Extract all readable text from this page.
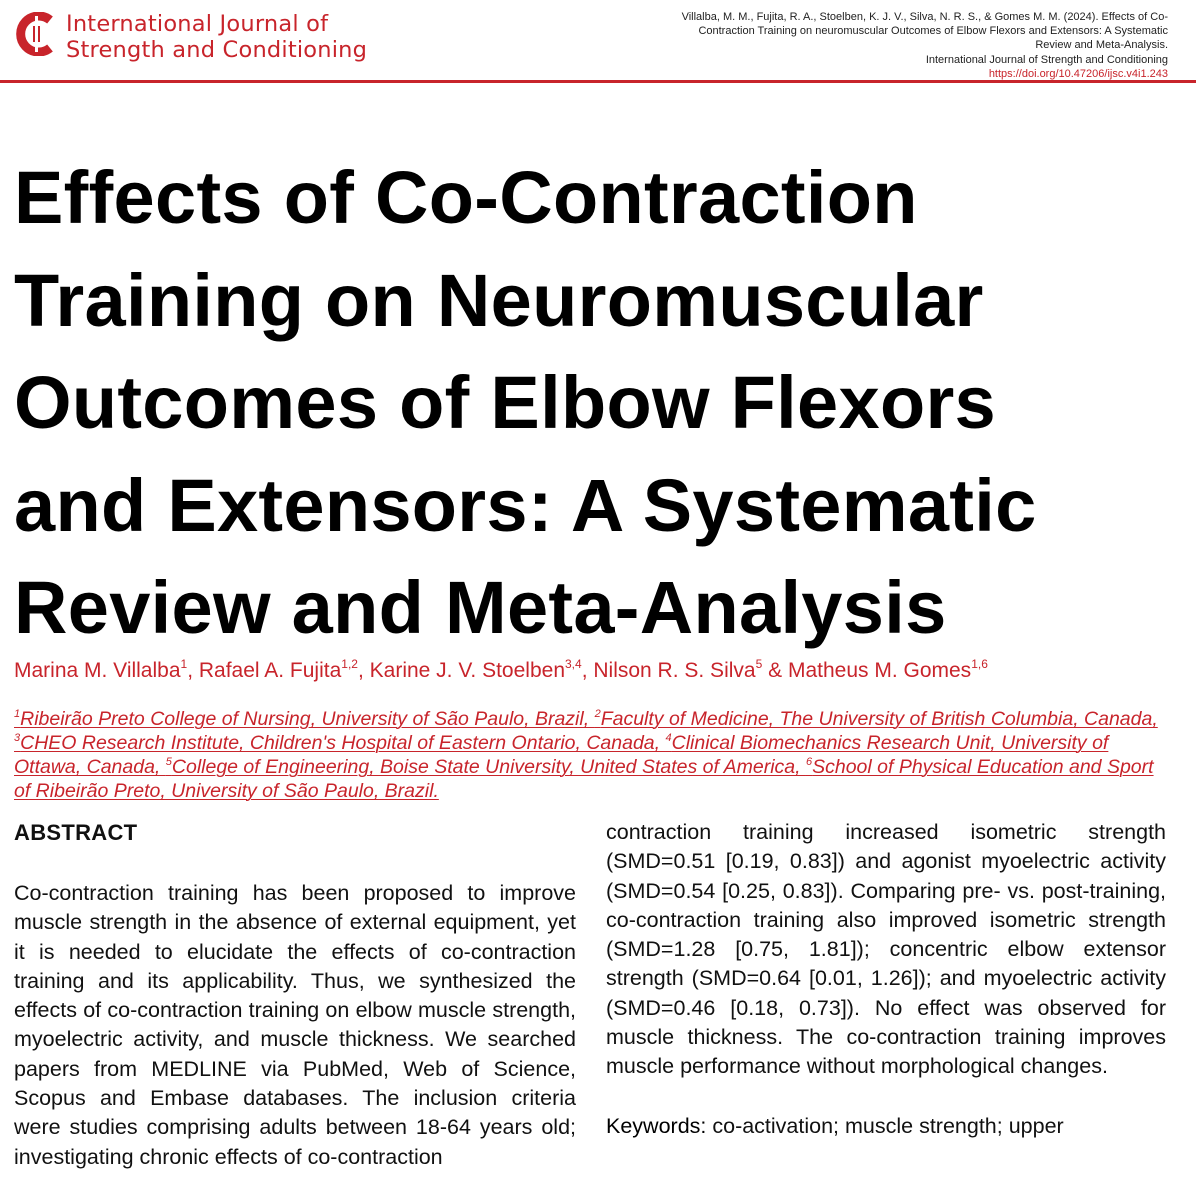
International Journal of
Strength and Conditioning
Villalba, M. M., Fujita, R. A., Stoelben, K. J. V., Silva, N. R. S., & Gomes M. M. (2024). Effects of Co-
Contraction Training on neuromuscular Outcomes of Elbow Flexors and Extensors: A Systematic
Review and Meta-Analysis.
International Journal of Strength and Conditioning
https://doi.org/10.47206/ijsc.v4i1.243
Effects of Co-Contraction
Training on Neuromuscular
Outcomes of Elbow Flexors
and Extensors: A Systematic
Review and Meta-Analysis
Marina M. Villalba$^1$, Rafael A. Fujita$^{1,2}$, Karine J. V. Stoelben$^{3,4}$, Nilson R. S. Silva$^5$ & Matheus M. Gomes$^{1,6}$
$^1$Ribeirão Preto College of Nursing, University of São Paulo, Brazil, $^2$Faculty of Medicine, The University of British Columbia, Canada, $^3$CHEO Research Institute, Children's Hospital of Eastern Ontario, Canada, $^4$Clinical Biomechanics Research Unit, University of Ottawa, Canada, $^5$College of Engineering, Boise State University, United States of America, $^6$School of Physical Education and Sport of Ribeirão Preto, University of São Paulo, Brazil.
ABSTRACT

Co-contraction training has been proposed to improve muscle strength in the absence of external equipment, yet it is needed to elucidate the effects of co-contraction training and its applicability. Thus, we synthesized the effects of co-contraction training on elbow muscle strength, myoelectric activity, and muscle thickness. We searched papers from MEDLINE via PubMed, Web of Science, Scopus and Embase databases. The inclusion criteria were studies comprising adults between 18-64 years old; investigating chronic effects of co-contraction

contraction training increased isometric strength (SMD=0.51 [0.19, 0.83]) and agonist myoelectric activity (SMD=0.54 [0.25, 0.83]). Comparing pre- vs. post-training, co-contraction training also improved isometric strength (SMD=1.28 [0.75, 1.81]); concentric elbow extensor strength (SMD=0.64 [0.01, 1.26]); and myoelectric activity (SMD=0.46 [0.18, 0.73]). No effect was observed for muscle thickness. The co-contraction training improves muscle performance without morphological changes.

Keywords: co-activation; muscle strength; upper
